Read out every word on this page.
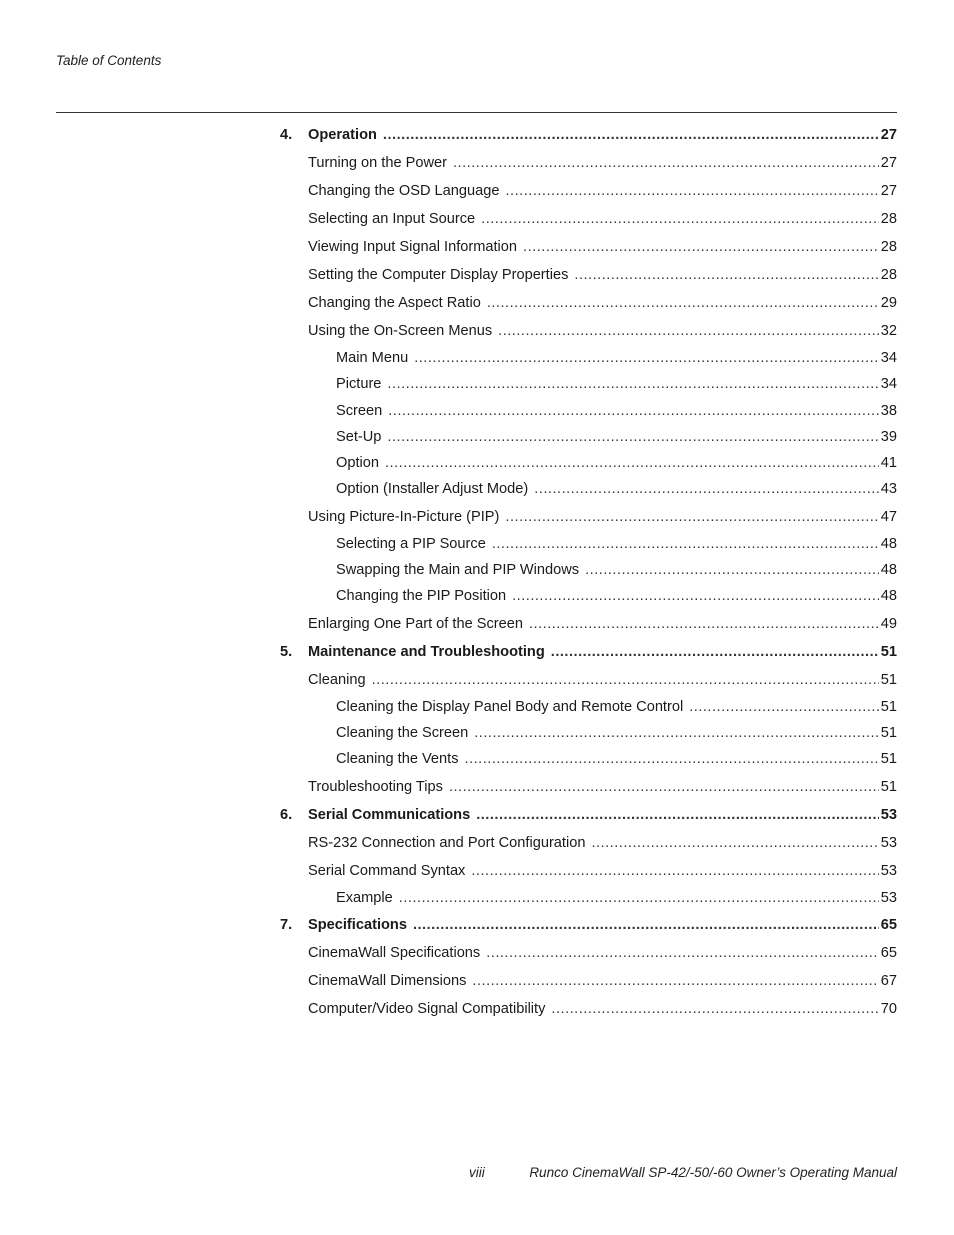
Table of Contents
4.	Operation .....	27
Turning on the Power .....	27
Changing the OSD Language .....	27
Selecting an Input Source .....	28
Viewing Input Signal Information .....	28
Setting the Computer Display Properties .....	28
Changing the Aspect Ratio .....	29
Using the On-Screen Menus .....	32
Main Menu .....	34
Picture .....	34
Screen .....	38
Set-Up .....	39
Option .....	41
Option (Installer Adjust Mode) .....	43
Using Picture-In-Picture (PIP) .....	47
Selecting a PIP Source .....	48
Swapping the Main and PIP Windows .....	48
Changing the PIP Position .....	48
Enlarging One Part of the Screen .....	49
5.	Maintenance and Troubleshooting .....	51
Cleaning .....	51
Cleaning the Display Panel Body and Remote Control .....	51
Cleaning the Screen .....	51
Cleaning the Vents .....	51
Troubleshooting Tips .....	51
6.	Serial Communications .....	53
RS-232 Connection and Port Configuration .....	53
Serial Command Syntax .....	53
Example .....	53
7.	Specifications .....	65
CinemaWall Specifications .....	65
CinemaWall Dimensions .....	67
Computer/Video Signal Compatibility .....	70
viii	Runco CinemaWall SP-42/-50/-60 Owner’s Operating Manual
